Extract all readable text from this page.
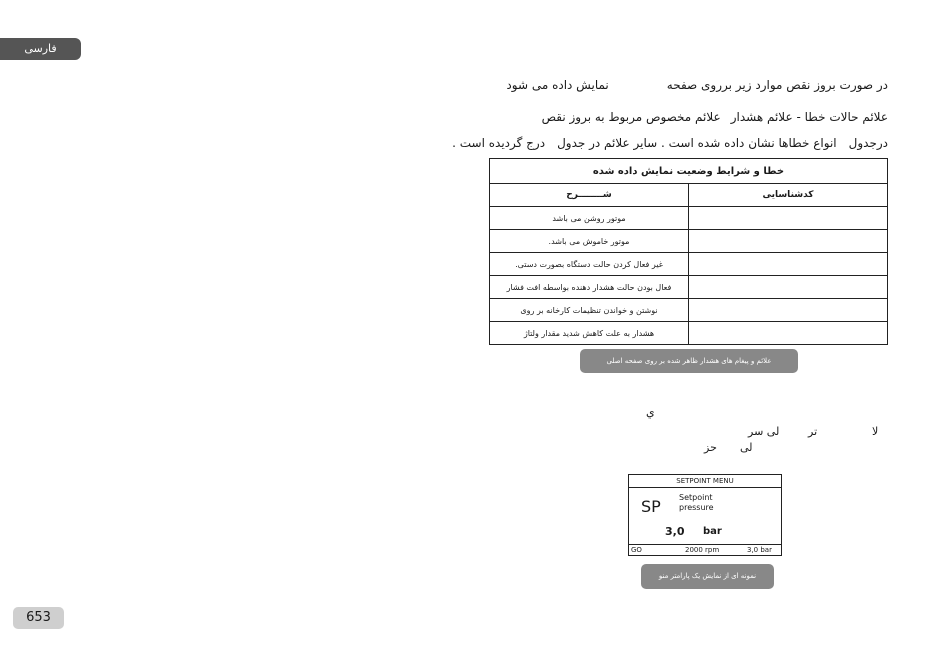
فارسی
در صورت بروز نقص موارد زیر برروی صفحهنمایش داده می شود
علائم حالات خطا - علائم هشدارعلائم مخصوص مربوط به بروز نقص
درجدولانواع خطاها نشان داده شده است . سایر علائم در جدولدرج گردیده است .
خطا و شرایط وضعیت نمایش داده شده	
کدشناسایی	شــــــــرح
	موتور روشن می باشد
	موتور خاموش می باشد.
	غیر فعال کردن حالت دستگاه بصورت دستی.
	فعال بودن حالت هشدار دهنده بواسطه افت فشار
	نوشتن و خواندن تنظیمات کارخانه بر روی
	هشدار به علت کاهش شدید مقدار ولتاژ
علائم و پیغام های هشدار ظاهر شده بر روی صفحه اصلی
ي
لا
تر
لی سر
حز لی
SETPOINT MENU
SP Setpoint
pressure
3,0 bar
GO	2000 rpm	3,0 bar
نمونه ای از نمایش یک پارامتر منو
653
